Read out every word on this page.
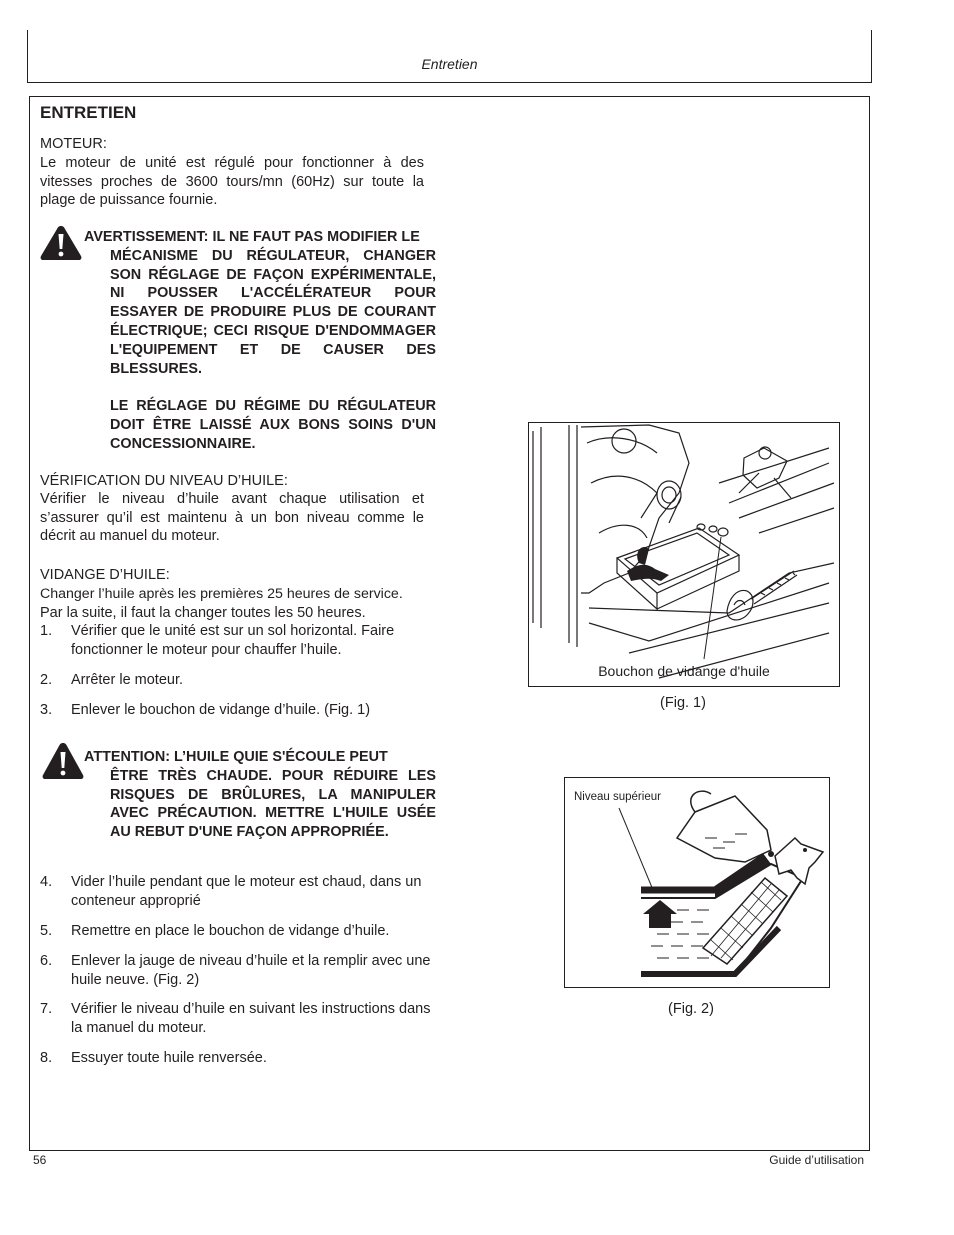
Entretien
ENTRETIEN
MOTEUR:
Le moteur de unité est régulé pour fonctionner à des vitesses proches de 3600 tours/mn (60Hz) sur toute la plage de puissance fournie.
AVERTISSEMENT: IL NE FAUT PAS MODIFIER LE
MÉCANISME DU RÉGULATEUR, CHANGER SON RÉGLAGE DE FAÇON EXPÉRIMENTALE, NI POUSSER L'ACCÉLÉRATEUR POUR ESSAYER DE PRODUIRE PLUS DE COURANT ÉLECTRIQUE; CECI RISQUE D'ENDOMMAGER L'EQUIPEMENT ET DE CAUSER DES BLESSURES.
LE RÉGLAGE DU RÉGIME DU RÉGULATEUR DOIT ÊTRE LAISSÉ AUX BONS SOINS D'UN CONCESSIONNAIRE.
VÉRIFICATION DU NIVEAU D’HUILE:
Vérifier le niveau d’huile avant chaque utilisation et s’assurer qu’il est maintenu à un bon niveau comme le décrit au manuel du moteur.
VIDANGE D’HUILE:
Changer l’huile après les premières 25 heures de service.
Par la suite, il faut la changer toutes les 50 heures.
1. Vérifier que le unité est sur un sol horizontal. Faire fonctionner le moteur pour chauffer l’huile.
2. Arrêter le moteur.
3. Enlever le bouchon de vidange d’huile. (Fig. 1)
ATTENTION: L’HUILE QUIE S'ÉCOULE PEUT
ÊTRE TRÈS CHAUDE. POUR RÉDUIRE LES RISQUES DE BRÛLURES, LA MANIPULER AVEC PRÉCAUTION. METTRE L'HUILE USÉE AU REBUT D'UNE FAÇON APPROPRIÉE.
4. Vider l’huile pendant que le moteur est chaud, dans un conteneur approprié
5. Remettre en place le bouchon de vidange d’huile.
6. Enlever la jauge de niveau d’huile et la remplir avec une huile neuve. (Fig. 2)
7. Vérifier le niveau d’huile en suivant les instructions dans la manuel du moteur.
8. Essuyer toute huile renversée.
Bouchon de vidange d'huile
(Fig. 1)
Niveau supérieur
(Fig. 2)
56	Guide d’utilisation
